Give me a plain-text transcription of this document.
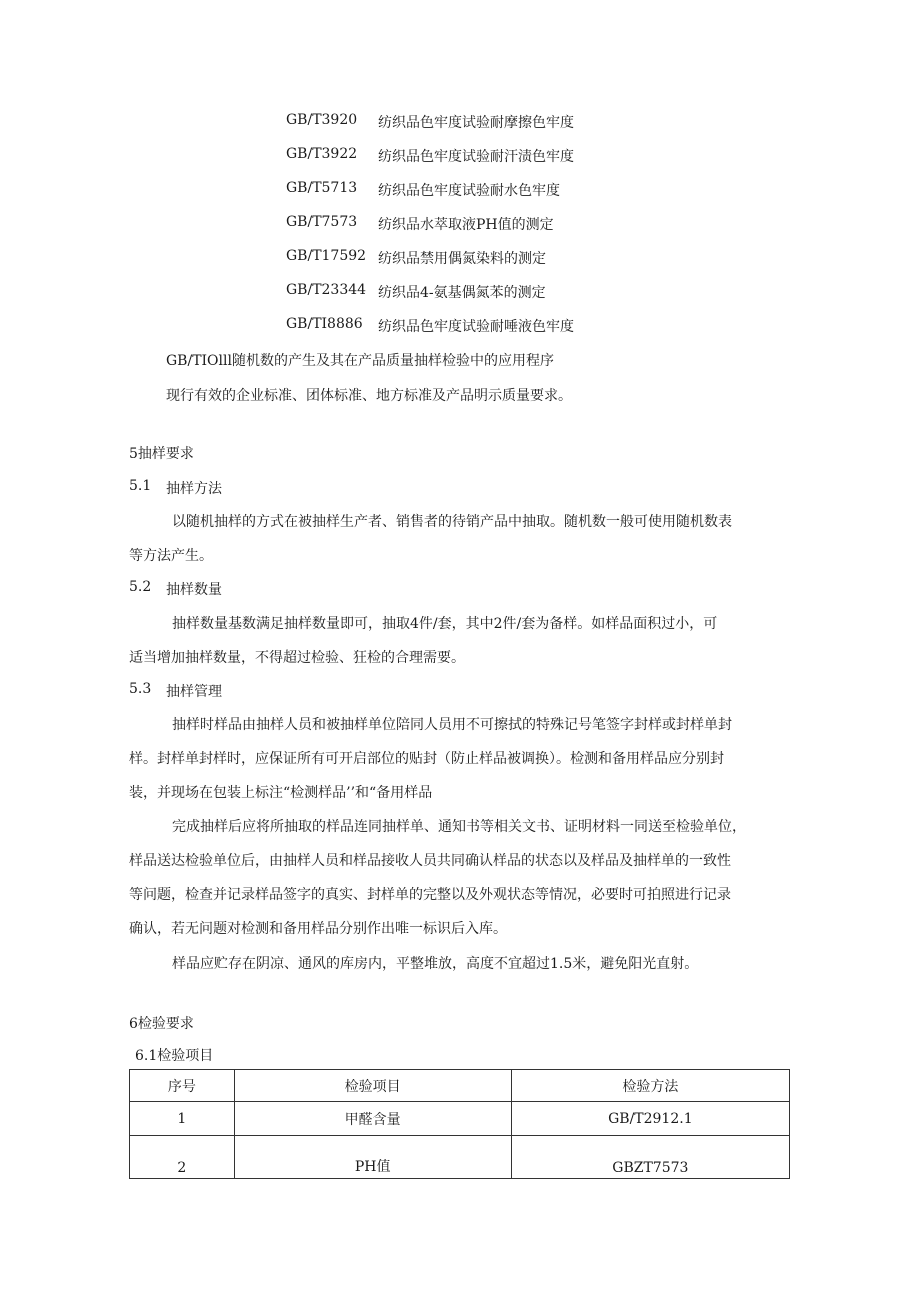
GB/T3920 纺织品色牢度试验耐摩擦色牢度
GB/T3922 纺织品色牢度试验耐汗渍色牢度
GB/T5713 纺织品色牢度试验耐水色牢度
GB/T7573 纺织品水萃取液PH值的测定
GB/T17592 纺织品禁用偶氮染料的测定
GB/T23344 纺织品4-氨基偶氮苯的测定
GB/TI8886 纺织品色牢度试验耐唾液色牢度
GB/TIOlll随机数的产生及其在产品质量抽样检验中的应用程序
现行有效的企业标准、团体标准、地方标准及产品明示质量要求。
5抽样要求
5.1 抽样方法
以随机抽样的方式在被抽样生产者、销售者的待销产品中抽取。随机数一般可使用随机数表
等方法产生。
5.2 抽样数量
抽样数量基数满足抽样数量即可，抽取4件/套，其中2件/套为备样。如样品面积过小，可
适当增加抽样数量，不得超过检验、狂检的合理需要。
5.3 抽样管理
抽样时样品由抽样人员和被抽样单位陪同人员用不可擦拭的特殊记号笔签字封样或封样单封
样。封样单封样时，应保证所有可开启部位的贴封（防止样品被调换）。检测和备用样品应分别封
装，并现场在包装上标注“检测样品’’和“备用样品
完成抽样后应将所抽取的样品连同抽样单、通知书等相关文书、证明材料一同送至检验单位，
样品送达检验单位后，由抽样人员和样品接收人员共同确认样品的状态以及样品及抽样单的一致性
等问题，检查并记录样品签字的真实、封样单的完整以及外观状态等情况，必要时可拍照进行记录
确认，若无问题对检测和备用样品分别作出唯一标识后入库。
样品应贮存在阴凉、通风的库房内，平整堆放，高度不宜超过1.5米，避免阳光直射。
6检验要求
6.1检验项目
序号	检验项目	检验方法
1	甲醛含量	GB/T2912.1
2	PH值	GBZT7573
